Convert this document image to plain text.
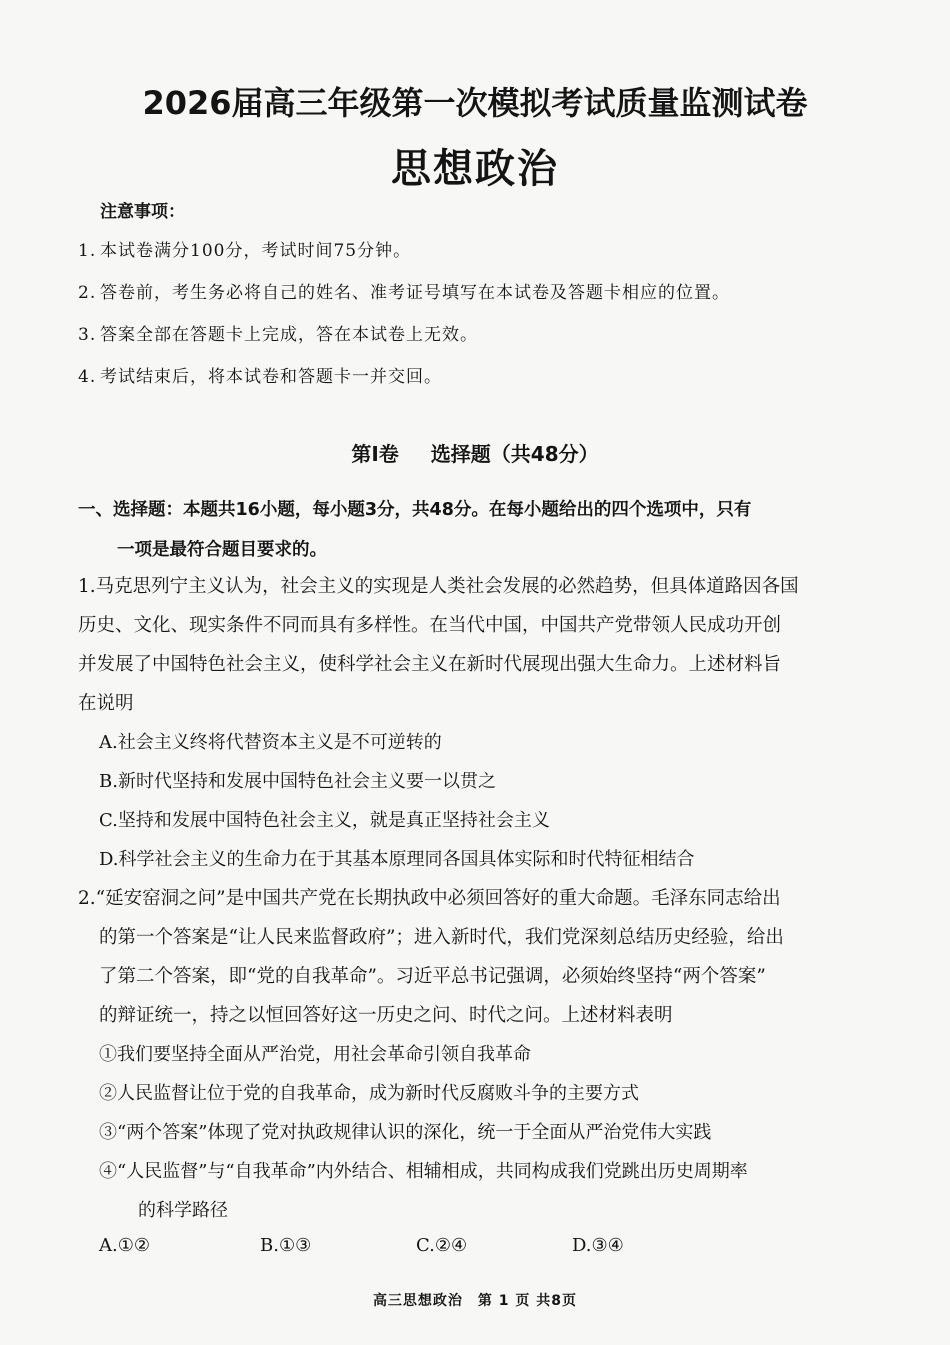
2026届高三年级第一次模拟考试质量监测试卷
思想政治
注意事项：
1. 本试卷满分100分，考试时间75分钟。
2. 答卷前，考生务必将自己的姓名、准考证号填写在本试卷及答题卡相应的位置。
3. 答案全部在答题卡上完成，答在本试卷上无效。
4. 考试结束后，将本试卷和答题卡一并交回。
第Ⅰ卷 选择题（共48分）
一、选择题：本题共16小题，每小题3分，共48分。在每小题给出的四个选项中，只有
一项是最符合题目要求的。
1.马克思列宁主义认为，社会主义的实现是人类社会发展的必然趋势，但具体道路因各国
历史、文化、现实条件不同而具有多样性。在当代中国，中国共产党带领人民成功开创
并发展了中国特色社会主义，使科学社会主义在新时代展现出强大生命力。上述材料旨
在说明
A.社会主义终将代替资本主义是不可逆转的
B.新时代坚持和发展中国特色社会主义要一以贯之
C.坚持和发展中国特色社会主义，就是真正坚持社会主义
D.科学社会主义的生命力在于其基本原理同各国具体实际和时代特征相结合
2.“延安窑洞之问”是中国共产党在长期执政中必须回答好的重大命题。毛泽东同志给出
的第一个答案是“让人民来监督政府”；进入新时代，我们党深刻总结历史经验，给出
了第二个答案，即“党的自我革命”。习近平总书记强调，必须始终坚持“两个答案”
的辩证统一，持之以恒回答好这一历史之问、时代之问。上述材料表明
①我们要坚持全面从严治党，用社会革命引领自我革命
②人民监督让位于党的自我革命，成为新时代反腐败斗争的主要方式
③“两个答案”体现了党对执政规律认识的深化，统一于全面从严治党伟大实践
④“人民监督”与“自我革命”内外结合、相辅相成，共同构成我们党跳出历史周期率
的科学路径
A.①②	B.①③	C.②④	D.③④
高三思想政治　第 1 页 共8页
